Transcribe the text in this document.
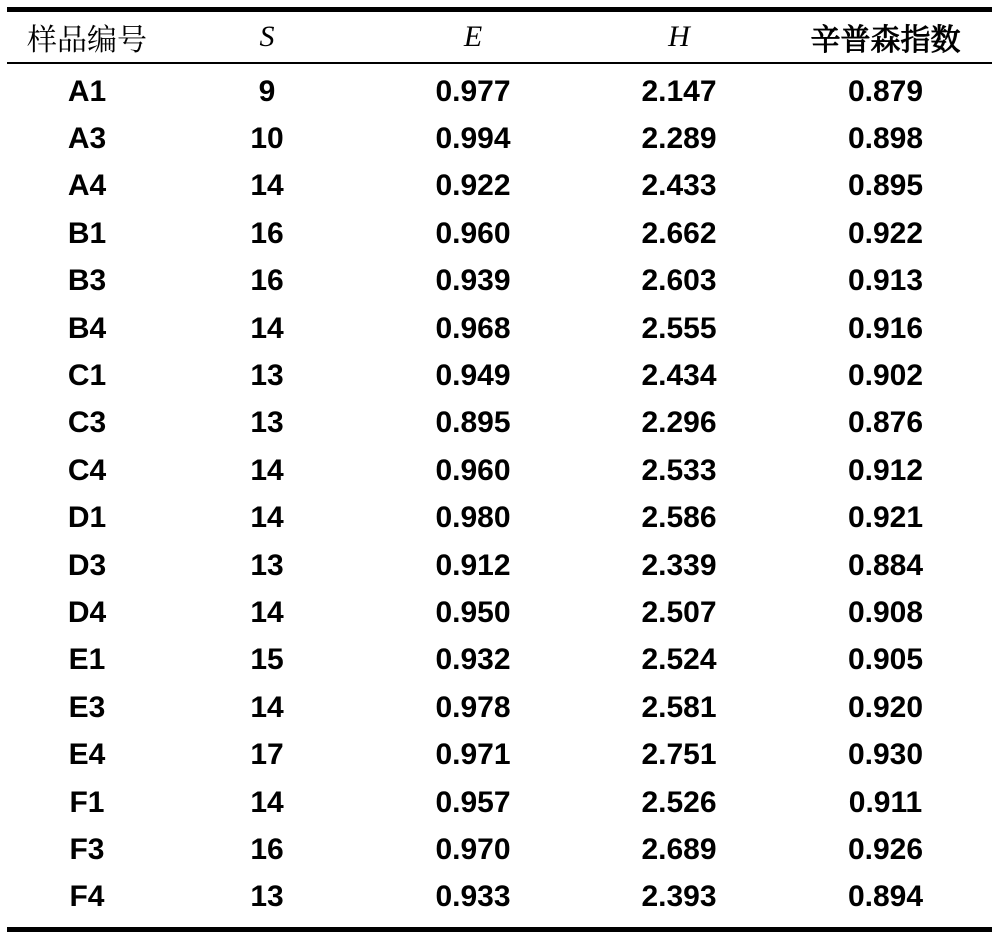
样品编号	S	E	H	辛普森指数
A1	9	0.977	2.147	0.879
A3	10	0.994	2.289	0.898
A4	14	0.922	2.433	0.895
B1	16	0.960	2.662	0.922
B3	16	0.939	2.603	0.913
B4	14	0.968	2.555	0.916
C1	13	0.949	2.434	0.902
C3	13	0.895	2.296	0.876
C4	14	0.960	2.533	0.912
D1	14	0.980	2.586	0.921
D3	13	0.912	2.339	0.884
D4	14	0.950	2.507	0.908
E1	15	0.932	2.524	0.905
E3	14	0.978	2.581	0.920
E4	17	0.971	2.751	0.930
F1	14	0.957	2.526	0.911
F3	16	0.970	2.689	0.926
F4	13	0.933	2.393	0.894
